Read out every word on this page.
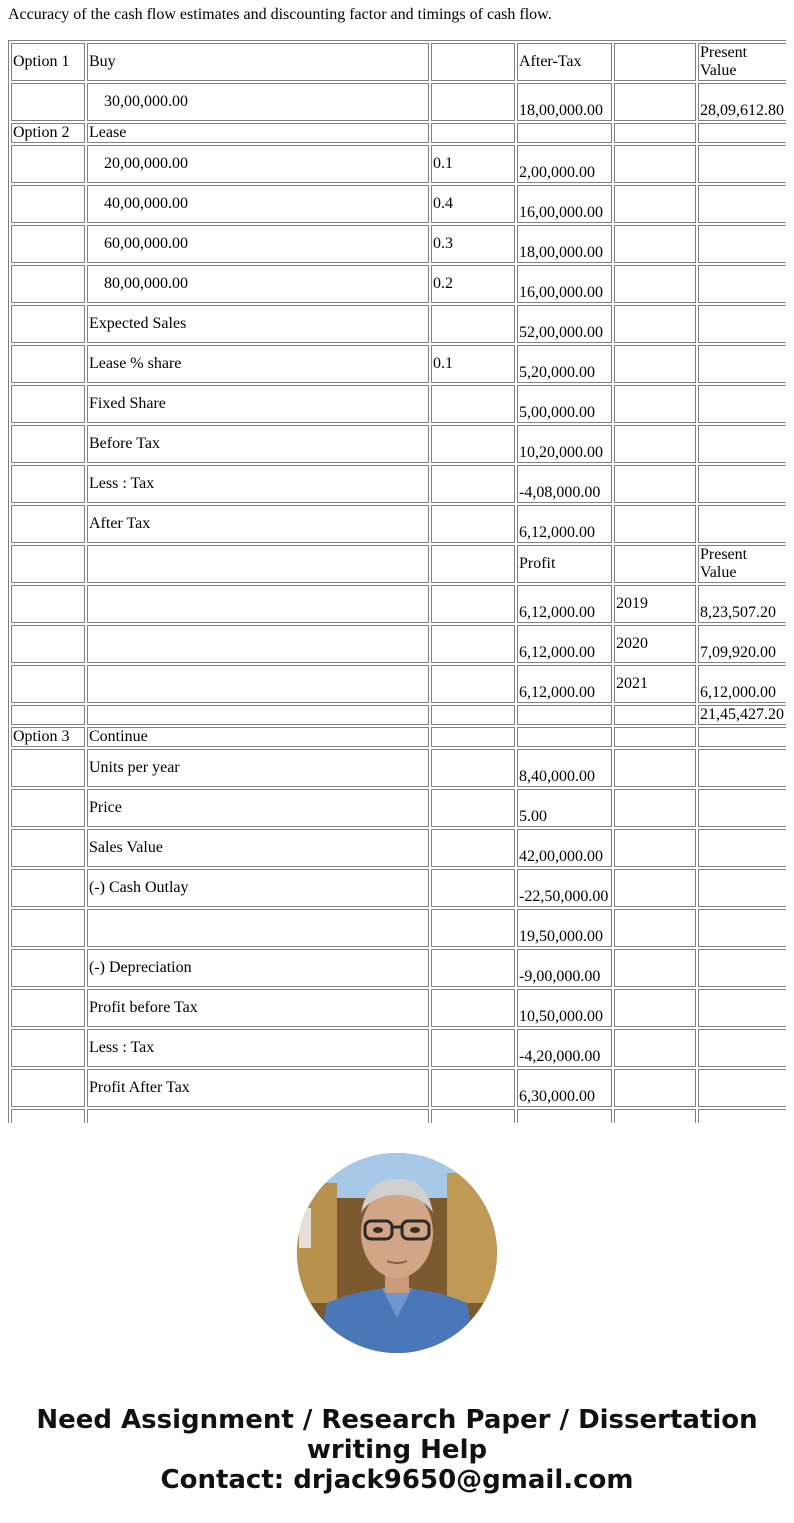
Accuracy of the cash flow estimates and discounting factor and timings of cash flow.
Option 1	Buy		After-Tax		Present Value
	30,00,000.00		18,00,000.00		28,09,612.80
Option 2	Lease				
	20,00,000.00	0.1	2,00,000.00		
	40,00,000.00	0.4	16,00,000.00		
	60,00,000.00	0.3	18,00,000.00		
	80,00,000.00	0.2	16,00,000.00		
	Expected Sales		52,00,000.00		
	Lease % share	0.1	5,20,000.00		
	Fixed Share		5,00,000.00		
	Before Tax		10,20,000.00		
	Less : Tax		-4,08,000.00		
	After Tax		6,12,000.00		
			Profit		Present Value
			6,12,000.00	2019	8,23,507.20
			6,12,000.00	2020	7,09,920.00
			6,12,000.00	2021	6,12,000.00
					21,45,427.20
Option 3	Continue				
	Units per year		8,40,000.00		
	Price		5.00		
	Sales Value		42,00,000.00		
	(-) Cash Outlay		-22,50,000.00		
			19,50,000.00		
	(-) Depreciation		-9,00,000.00		
	Profit before Tax		10,50,000.00		
	Less : Tax		-4,20,000.00		
	Profit After Tax		6,30,000.00		

Need Assignment / Research Paper / Dissertation
writing Help
Contact: drjack9650@gmail.com
